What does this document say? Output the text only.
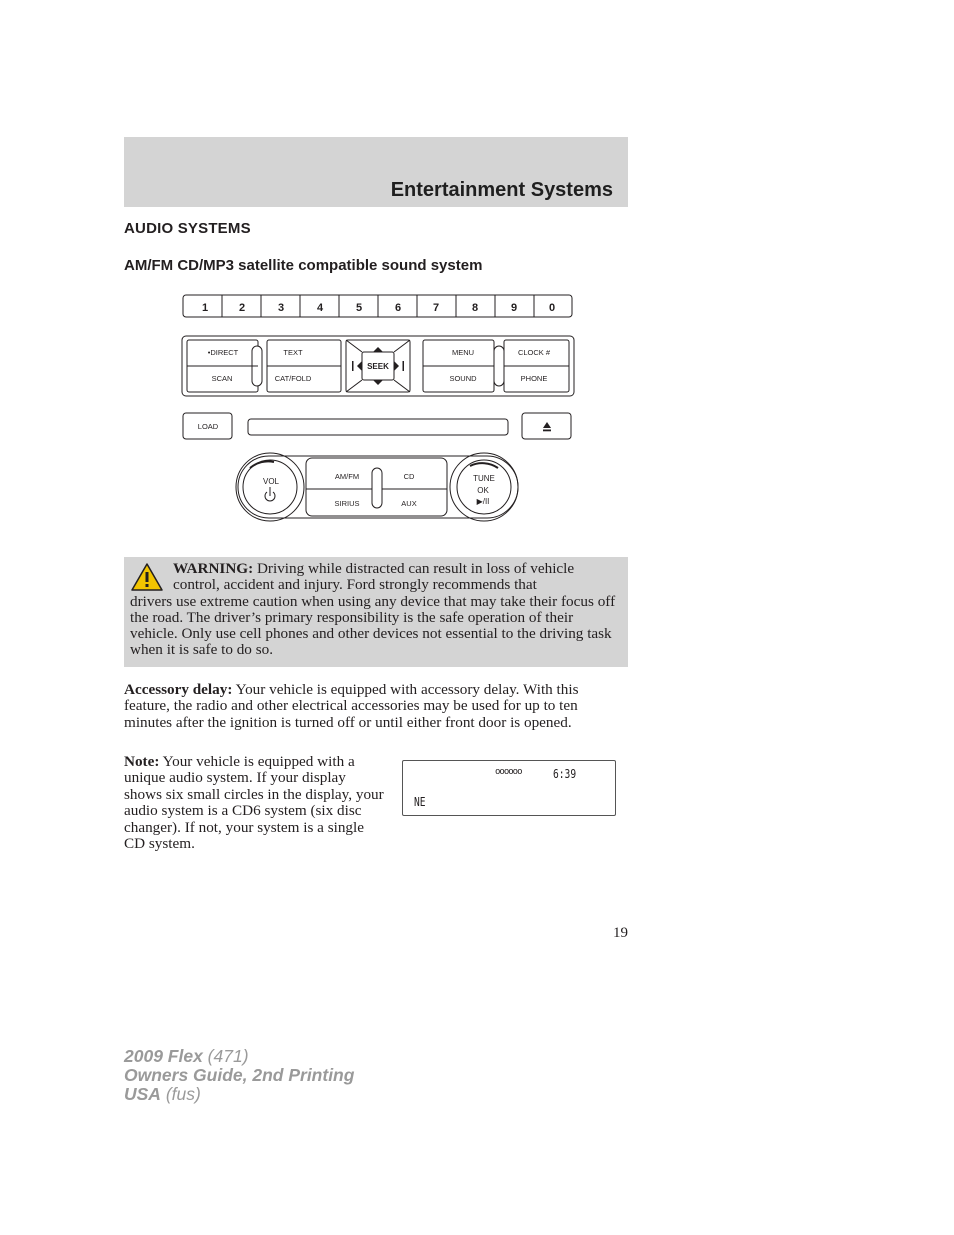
Entertainment Systems
AUDIO SYSTEMS
AM/FM CD/MP3 satellite compatible sound system
1	2	3	4	5	6	7	8	9	0
•DIRECT
SCAN
TEXT
CAT/FOLD
SEEK
MENU
SOUND
CLOCK #
PHONE
LOAD
VOL
AM/FM	CD
SIRIUS	AUX
TUNE
OK
▶/II
WARNING: Driving while distracted can result in loss of vehicle control, accident and injury. Ford strongly recommends that
drivers use extreme caution when using any device that may take their focus off the road. The driver’s primary responsibility is the safe operation of their vehicle. Only use cell phones and other devices not essential to the driving task when it is safe to do so.
Accessory delay: Your vehicle is equipped with accessory delay. With this feature, the radio and other electrical accessories may be used for up to ten minutes after the ignition is turned off or until either front door is opened.
Note: Your vehicle is equipped with a unique audio system. If your display shows six small circles in the display, your audio system is a CD6 system (six disc changer). If not, your system is a single CD system.
oooooo	6:39
NE
19
2009 Flex (471)
Owners Guide, 2nd Printing
USA (fus)
